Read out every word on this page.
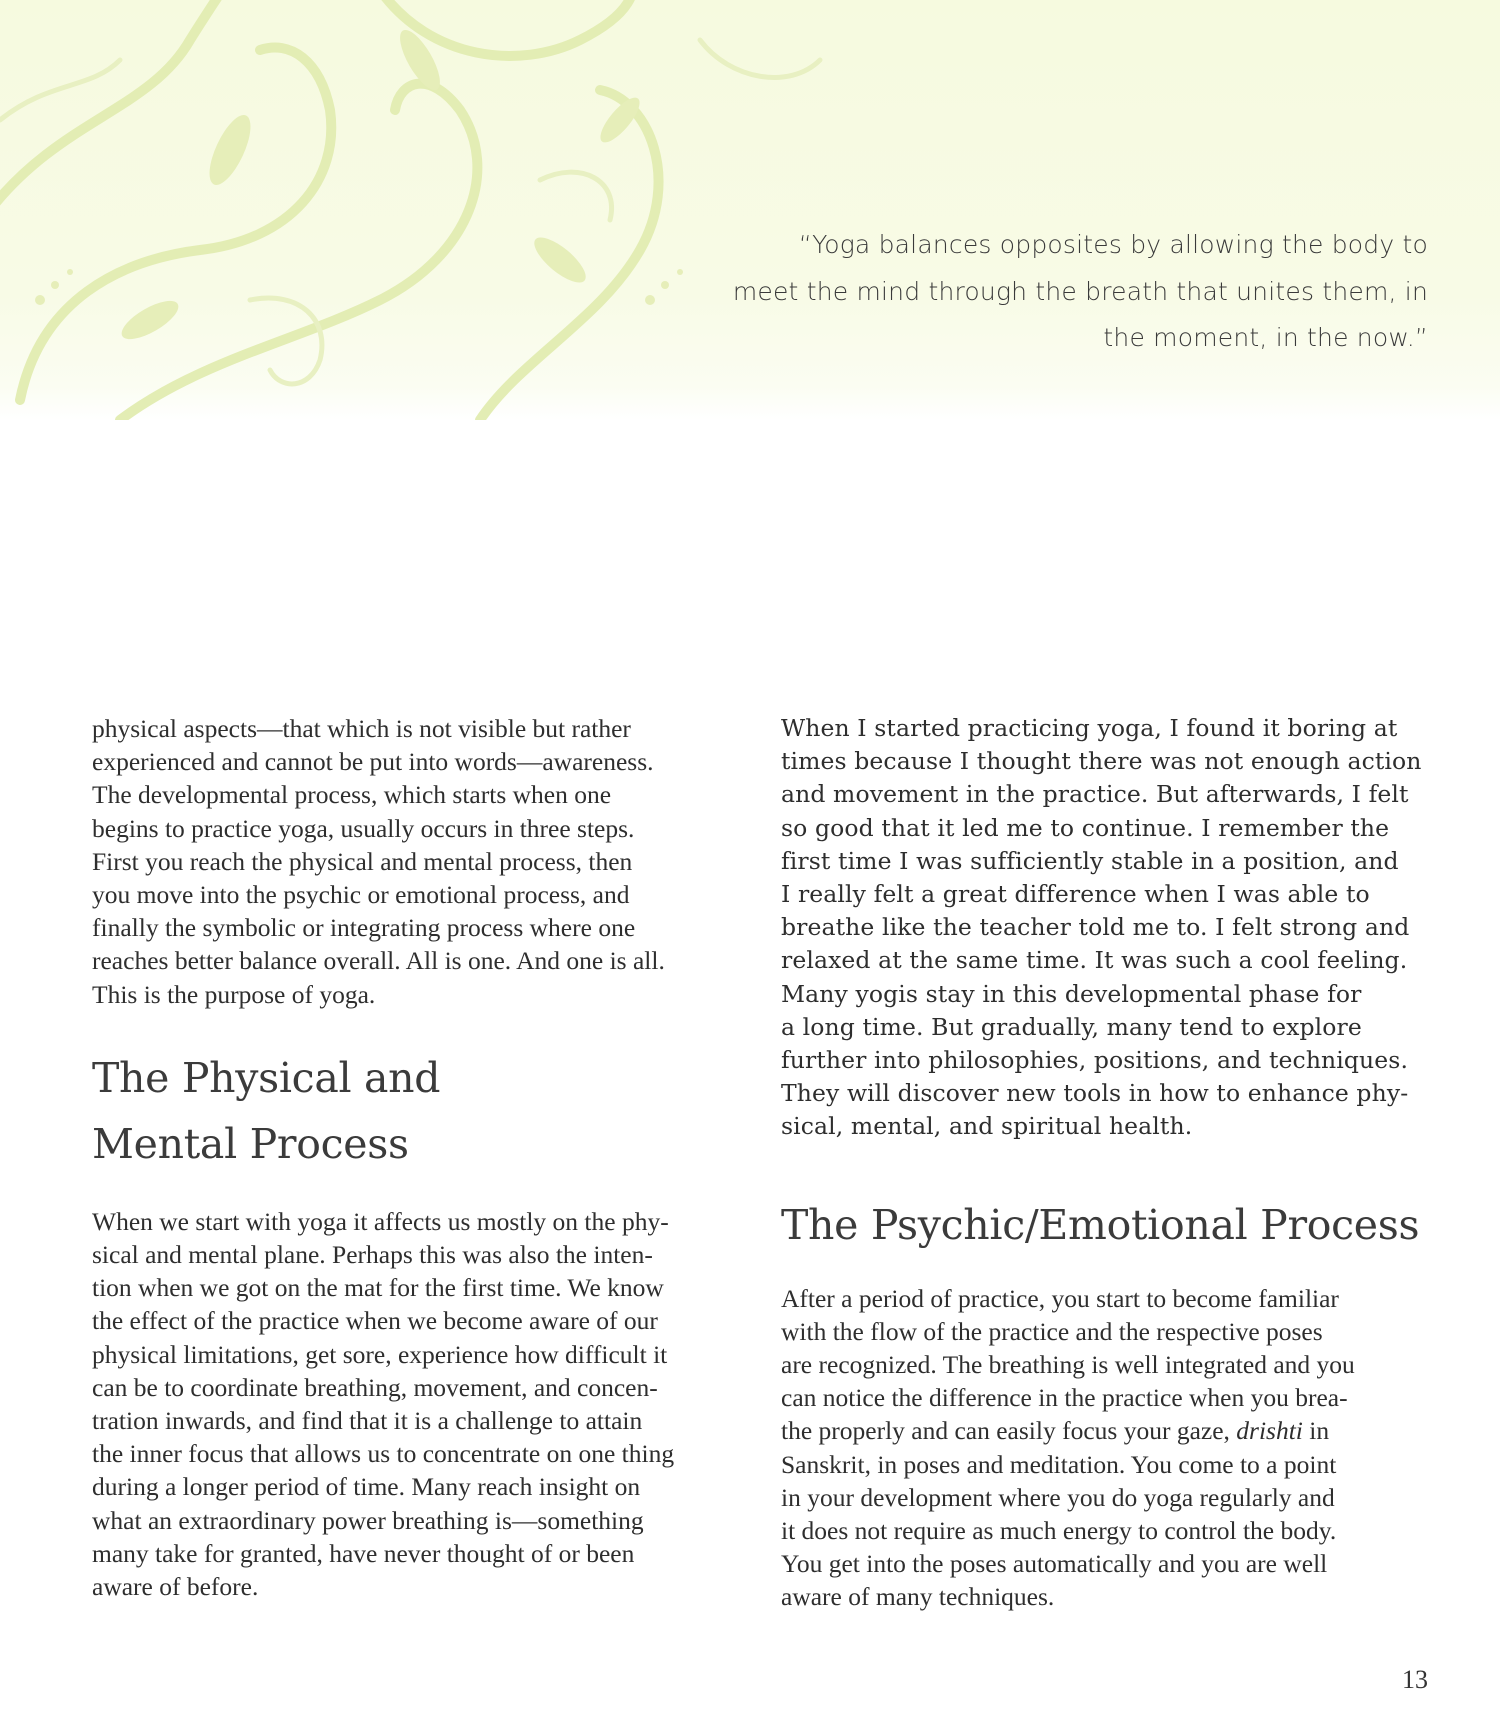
“Yoga balances opposites by allowing the body to meet the mind through the breath that unites them, in the moment, in the now.”

physical aspects—that which is not visible but rather
experienced and cannot be put into words—awareness.
The developmental process, which starts when one
begins to practice yoga, usually occurs in three steps.
First you reach the physical and mental process, then
you move into the psychic or emotional process, and
finally the symbolic or integrating process where one
reaches better balance overall. All is one. And one is all.
This is the purpose of yoga.

The Physical and
Mental Process

When we start with yoga it affects us mostly on the phy-
sical and mental plane. Perhaps this was also the inten-
tion when we got on the mat for the first time. We know
the effect of the practice when we become aware of our
physical limitations, get sore, experience how difficult it
can be to coordinate breathing, movement, and concen-
tration inwards, and find that it is a challenge to attain
the inner focus that allows us to concentrate on one thing
during a longer period of time. Many reach insight on
what an extraordinary power breathing is—something
many take for granted, have never thought of or been
aware of before.

When I started practicing yoga, I found it boring at
times because I thought there was not enough action
and movement in the practice. But afterwards, I felt
so good that it led me to continue. I remember the
first time I was sufficiently stable in a position, and
I really felt a great difference when I was able to
breathe like the teacher told me to. I felt strong and
relaxed at the same time. It was such a cool feeling.
Many yogis stay in this developmental phase for
a long time. But gradually, many tend to explore
further into philosophies, positions, and techniques.
They will discover new tools in how to enhance phy-
sical, mental, and spiritual health.

The Psychic/Emotional Process

After a period of practice, you start to become familiar
with the flow of the practice and the respective poses
are recognized. The breathing is well integrated and you
can notice the difference in the practice when you brea-
the properly and can easily focus your gaze, drishti in
Sanskrit, in poses and meditation. You come to a point
in your development where you do yoga regularly and
it does not require as much energy to control the body.
You get into the poses automatically and you are well
aware of many techniques.

13
